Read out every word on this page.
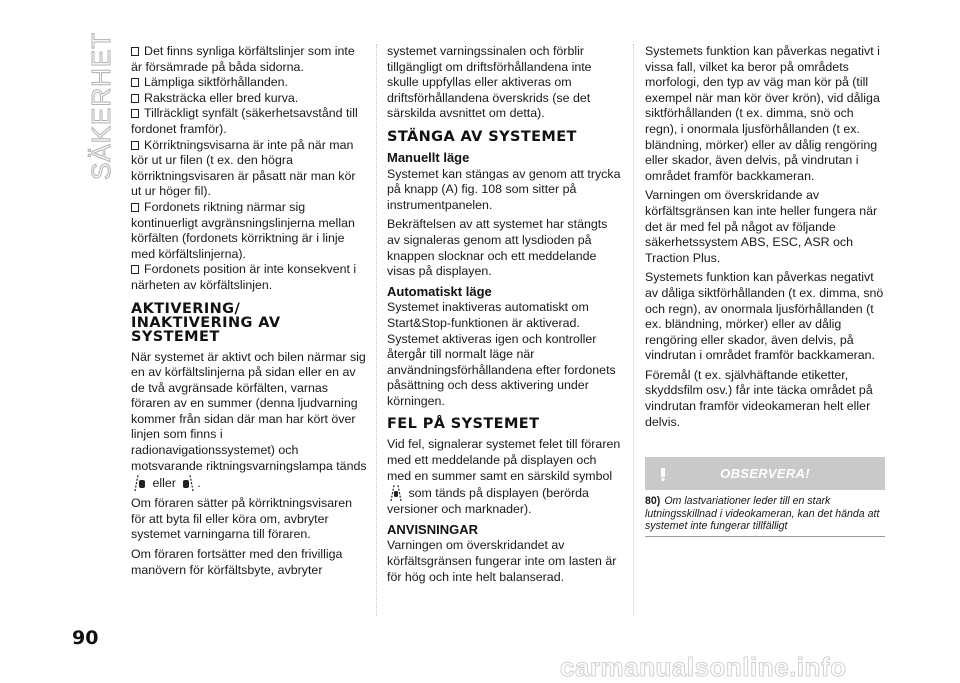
SÄKERHET	Det finns synliga körfältslinjer som inte är försämrade på båda sidorna.
Lämpliga siktförhållanden.
Raksträcka eller bred kurva.
Tillräckligt synfält (säkerhetsavstånd till fordonet framför).
Körriktningsvisarna är inte på när man kör ut ur filen (t ex. den högra körriktningsvisaren är påsatt när man kör ut ur höger fil).
Fordonets riktning närmar sig kontinuerligt avgränsningslinjerna mellan körfälten (fordonets körriktning är i linje med körfältslinjerna).
Fordonets position är inte konsekvent i närheten av körfältslinjen.
AKTIVERING/ INAKTIVERING AV SYSTEMET

När systemet är aktivt och bilen närmar sig en av körfältslinjerna på sidan eller en av de två avgränsade körfälten, varnas föraren av en summer (denna ljudvarning kommer från sidan där man har kört över linjen som finns i radionavigationssystemet) och motsvarande riktningsvarningslampa tänds  eller .

Om föraren sätter på körriktningsvisaren för att byta fil eller köra om, avbryter systemet varningarna till föraren.

Om föraren fortsätter med den frivilliga manövern för körfältsbyte, avbryter

systemet varningssinalen och förblir tillgängligt om driftsförhållandena inte skulle uppfyllas eller aktiveras om driftsförhållandena överskrids (se det särskilda avsnittet om detta).

STÄNGA AV SYSTEMET
Manuellt läge

Systemet kan stängas av genom att trycka på knapp (A) fig. 108 som sitter på instrumentpanelen.

Bekräftelsen av att systemet har stängts av signaleras genom att lysdioden på knappen slocknar och ett meddelande visas på displayen.

Automatiskt läge

Systemet inaktiveras automatiskt om Start&Stop-funktionen är aktiverad. Systemet aktiveras igen och kontroller återgår till normalt läge när användningsförhållandena efter fordonets påsättning och dess aktivering under körningen.

FEL PÅ SYSTEMET

Vid fel, signalerar systemet felet till föraren med ett meddelande på displayen och med en summer samt en särskild symbol  som tänds på displayen (berörda versioner och marknader).

ANVISNINGAR

Varningen om överskridandet av körfältsgränsen fungerar inte om lasten är för hög och inte helt balanserad.

Systemets funktion kan påverkas negativt i vissa fall, vilket ka beror på områdets morfologi, den typ av väg man kör på (till exempel när man kör över krön), vid dåliga siktförhållanden (t ex. dimma, snö och regn), i onormala ljusförhållanden (t ex. bländning, mörker) eller av dålig rengöring eller skador, även delvis, på vindrutan i området framför backkameran.

Varningen om överskridande av körfältsgränsen kan inte heller fungera när det är med fel på något av följande säkerhetssystem ABS, ESC, ASR och Traction Plus.

Systemets funktion kan påverkas negativt av dåliga siktförhållanden (t ex. dimma, snö och regn), av onormala ljusförhållanden (t ex. bländning, mörker) eller av dålig rengöring eller skador, även delvis, på vindrutan i området framför backkameran.

Föremål (t ex. självhäftande etiketter, skyddsfilm osv.) får inte täcka området på vindrutan framför videokameran helt eller delvis.

OBSERVERA!
80) Om lastvariationer leder till en stark lutningsskillnad i videokameran, kan det hända att systemet inte fungerar tillfälligt
90
carmanualsonline.info
